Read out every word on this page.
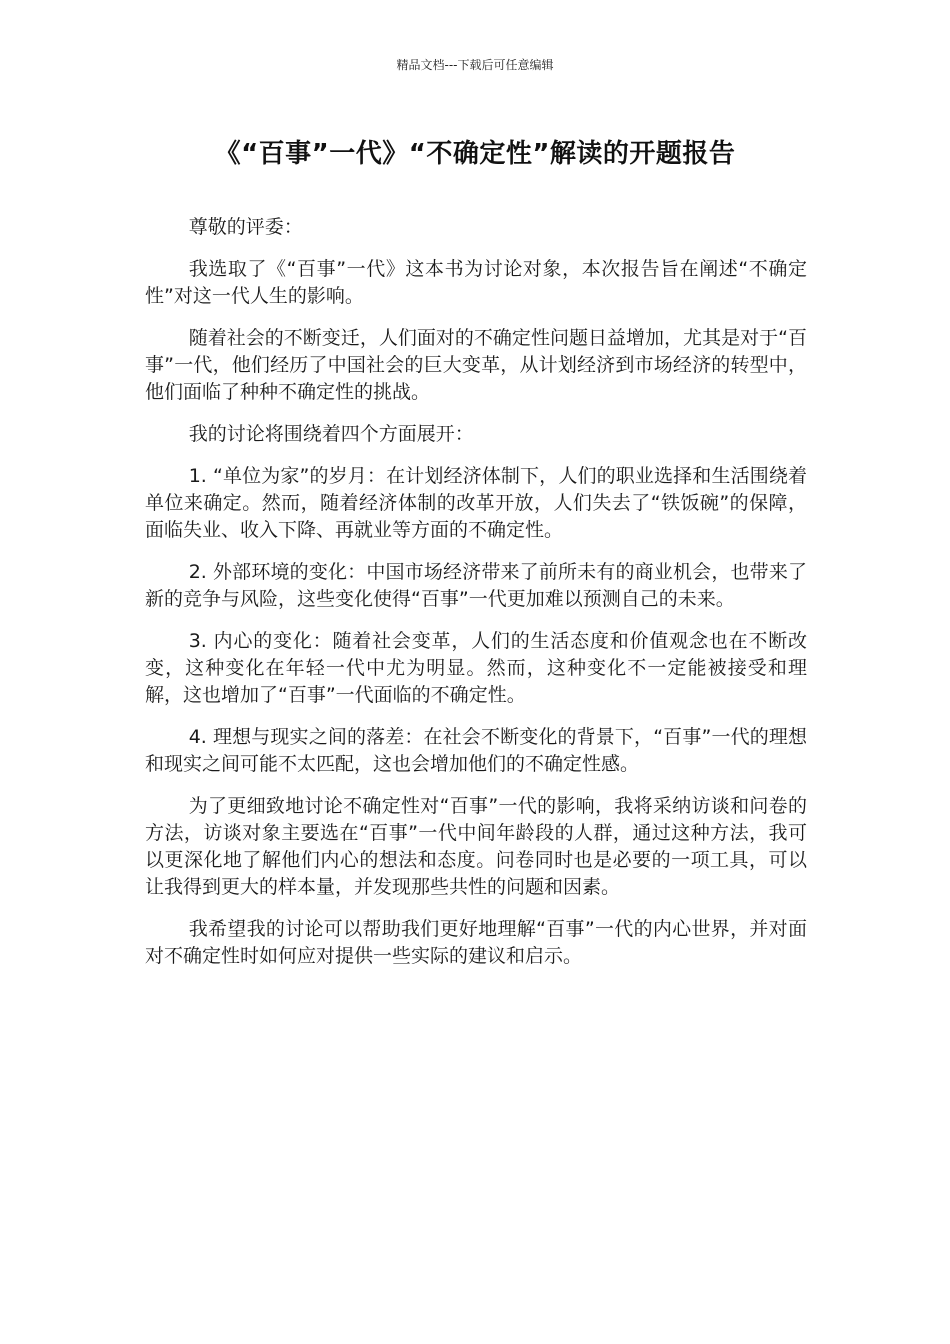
精品文档---下载后可任意编辑
《“百事”一代》“不确定性”解读的开题报告

尊敬的评委：

我选取了《“百事”一代》这本书为讨论对象，本次报告旨在阐述“不确定性”对这一代人生的影响。

随着社会的不断变迁，人们面对的不确定性问题日益增加，尤其是对于“百事”一代，他们经历了中国社会的巨大变革，从计划经济到市场经济的转型中，他们面临了种种不确定性的挑战。

我的讨论将围绕着四个方面展开：

1. “单位为家”的岁月：在计划经济体制下，人们的职业选择和生活围绕着单位来确定。然而，随着经济体制的改革开放，人们失去了“铁饭碗”的保障，面临失业、收入下降、再就业等方面的不确定性。

2. 外部环境的变化：中国市场经济带来了前所未有的商业机会，也带来了新的竞争与风险，这些变化使得“百事”一代更加难以预测自己的未来。

3. 内心的变化：随着社会变革，人们的生活态度和价值观念也在不断改变，这种变化在年轻一代中尤为明显。然而，这种变化不一定能被接受和理解，这也增加了“百事”一代面临的不确定性。

4. 理想与现实之间的落差：在社会不断变化的背景下，“百事”一代的理想和现实之间可能不太匹配，这也会增加他们的不确定性感。

为了更细致地讨论不确定性对“百事”一代的影响，我将采纳访谈和问卷的方法，访谈对象主要选在“百事”一代中间年龄段的人群，通过这种方法，我可以更深化地了解他们内心的想法和态度。问卷同时也是必要的一项工具，可以让我得到更大的样本量，并发现那些共性的问题和因素。

我希望我的讨论可以帮助我们更好地理解“百事”一代的内心世界，并对面对不确定性时如何应对提供一些实际的建议和启示。
